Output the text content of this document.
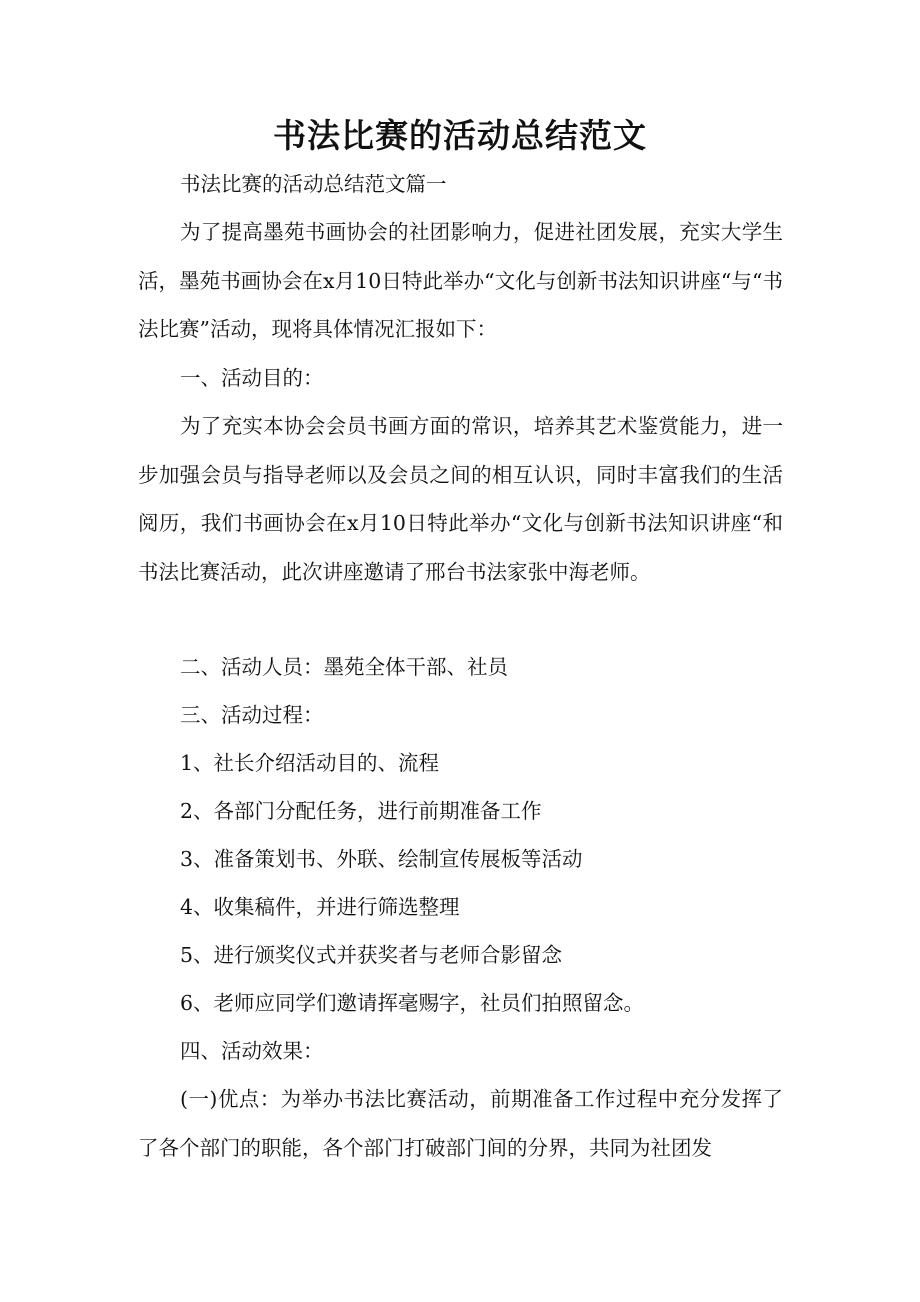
书法比赛的活动总结范文

书法比赛的活动总结范文篇一

为了提高墨苑书画协会的社团影响力，促进社团发展，充实大学生活，墨苑书画协会在x月10日特此举办“文化与创新书法知识讲座“与“书法比赛”活动，现将具体情况汇报如下：

一、活动目的：

为了充实本协会会员书画方面的常识，培养其艺术鉴赏能力，进一步加强会员与指导老师以及会员之间的相互认识，同时丰富我们的生活阅历，我们书画协会在x月10日特此举办“文化与创新书法知识讲座“和书法比赛活动，此次讲座邀请了邢台书法家张中海老师。

二、活动人员：墨苑全体干部、社员

三、活动过程：

1、社长介绍活动目的、流程

2、各部门分配任务，进行前期准备工作

3、准备策划书、外联、绘制宣传展板等活动

4、收集稿件，并进行筛选整理

5、进行颁奖仪式并获奖者与老师合影留念

6、老师应同学们邀请挥毫赐字，社员们拍照留念。

四、活动效果：

(一)优点：为举办书法比赛活动，前期准备工作过程中充分发挥了了各个部门的职能，各个部门打破部门间的分界，共同为社团发
